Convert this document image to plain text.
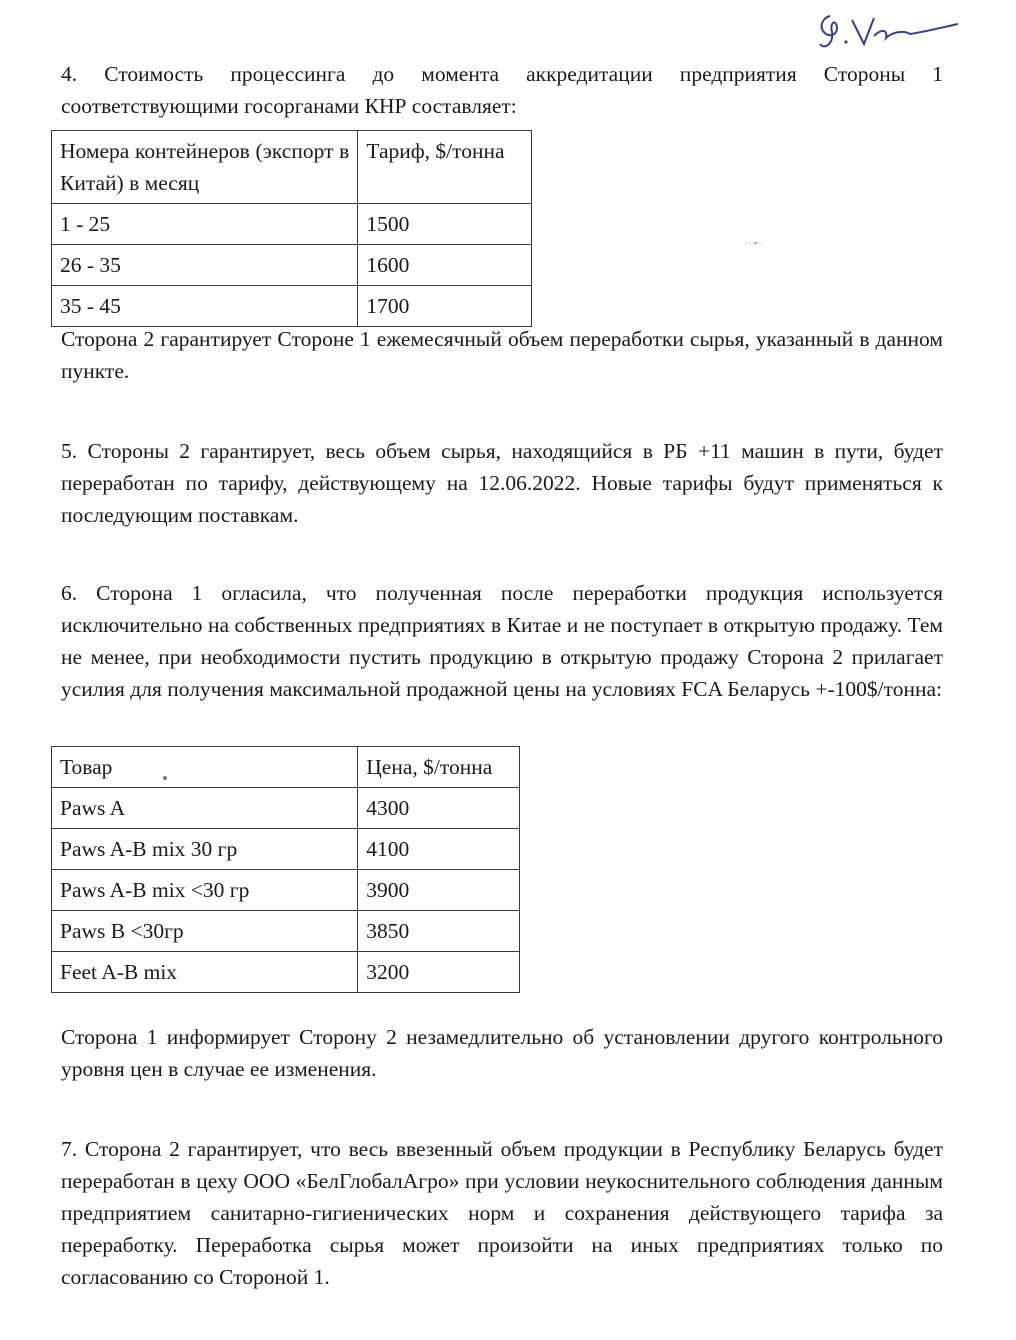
4. Стоимость процессинга до момента аккредитации предприятия Стороны 1 соответствующими госорганами КНР составляет:

Номера контейнеров (экспорт в Китай) в месяц	Тариф, $/тонна
1 - 25	1500
26 - 35	1600
35 - 45	1700
···▪··

Сторона 2 гарантирует Стороне 1 ежемесячный объем переработки сырья, указанный в данном пункте.

5. Стороны 2 гарантирует, весь объем сырья, находящийся в РБ +11 машин в пути, будет переработан по тарифу, действующему на 12.06.2022. Новые тарифы будут применяться к последующим поставкам.

6. Сторона 1 огласила, что полученная после переработки продукция используется исключительно на собственных предприятиях в Китае и не поступает в открытую продажу. Тем не менее, при необходимости пустить продукцию в открытую продажу Сторона 2 прилагает усилия для получения максимальной продажной цены на условиях FCA Беларусь +-100$/тонна:

Товар	Цена, $/тонна
Paws A	4300
Paws A-B mix 30 гр	4100
Paws A-B mix <30 гр	3900
Paws B <30гр	3850
Feet A-B mix	3200

Сторона 1 информирует Сторону 2 незамедлительно об установлении другого контрольного уровня цен в случае ее изменения.

7. Сторона 2 гарантирует, что весь ввезенный объем продукции в Республику Беларусь будет переработан в цеху ООО «БелГлобалАгро» при условии неукоснительного соблюдения данным предприятием санитарно-гигиенических норм и сохранения действующего тарифа за переработку. Переработка сырья может произойти на иных предприятиях только по согласованию со Стороной 1.
